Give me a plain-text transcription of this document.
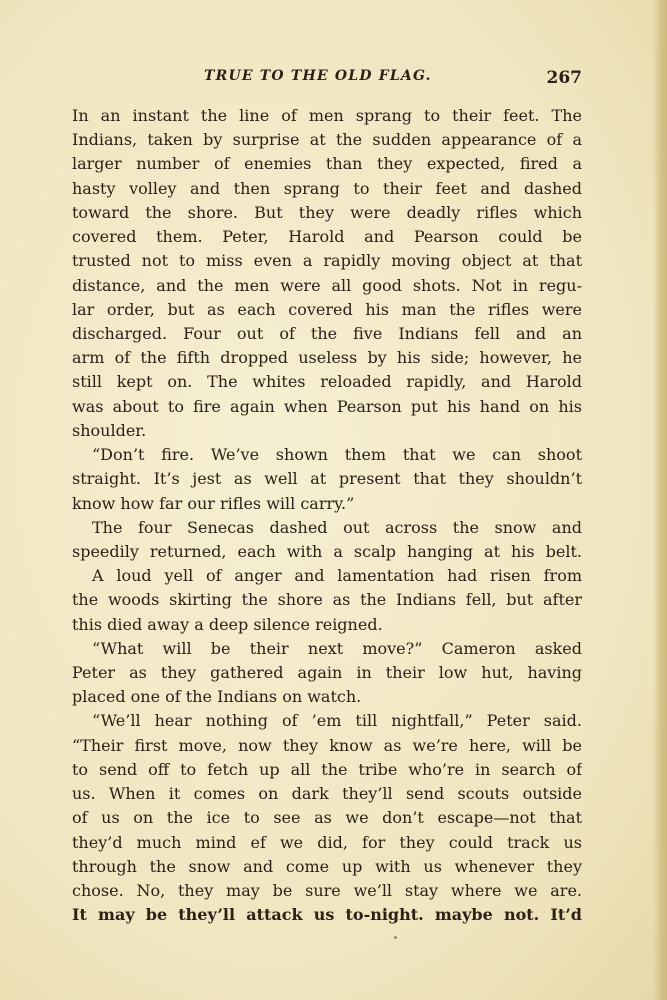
TRUE TO THE OLD FLAG.	267
In an instant the line of men sprang to their feet. The
Indians, taken by surprise at the sudden appearance of a
larger number of enemies than they expected, fired a
hasty volley and then sprang to their feet and dashed
toward the shore. But they were deadly rifles which
covered them. Peter, Harold and Pearson could be
trusted not to miss even a rapidly moving object at that
distance, and the men were all good shots. Not in regu-
lar order, but as each covered his man the rifles were
discharged. Four out of the five Indians fell and an
arm of the fifth dropped useless by his side; however, he
still kept on. The whites reloaded rapidly, and Harold
was about to fire again when Pearson put his hand on his
shoulder.
“Don’t fire. We’ve shown them that we can shoot
straight. It’s jest as well at present that they shouldn’t
know how far our rifles will carry.”
The four Senecas dashed out across the snow and
speedily returned, each with a scalp hanging at his belt.
A loud yell of anger and lamentation had risen from
the woods skirting the shore as the Indians fell, but after
this died away a deep silence reigned.
“What will be their next move?” Cameron asked
Peter as they gathered again in their low hut, having
placed one of the Indians on watch.
“We’ll hear nothing of ’em till nightfall,” Peter said.
“Their first move, now they know as we’re here, will be
to send off to fetch up all the tribe who’re in search of
us. When it comes on dark they’ll send scouts outside
of us on the ice to see as we don’t escape—not that
they’d much mind ef we did, for they could track us
through the snow and come up with us whenever they
chose. No, they may be sure we’ll stay where we are.
It may be they’ll attack us to-night. maybe not. It’d
